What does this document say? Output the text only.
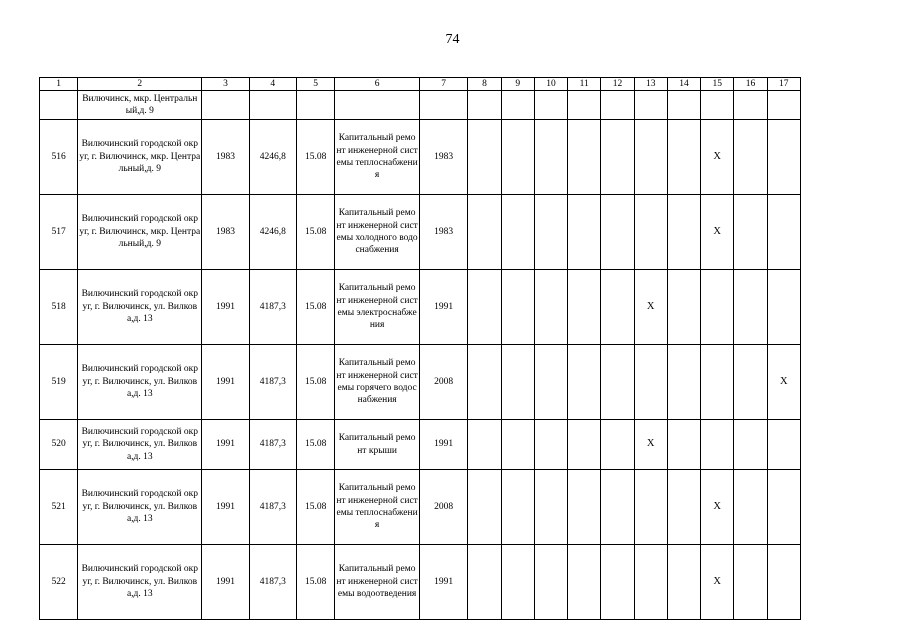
74
1	2	3	4	5	6	7	8	9	10	11	12	13	14	15	16	17
	Вилючинск, мкр. Центральный,д. 9															
516	Вилючинский городской округ, г. Вилючинск, мкр. Центральный,д. 9	1983	4246,8	15.08	Капитальный ремонт инженерной системы теплоснабжения	1983								X		
517	Вилючинский городской округ, г. Вилючинск, мкр. Центральный,д. 9	1983	4246,8	15.08	Капитальный ремонт инженерной системы холодного водоснабжения	1983								X		
518	Вилючинский городской округ, г. Вилючинск, ул. Вилкова,д. 13	1991	4187,3	15.08	Капитальный ремонт инженерной системы электроснабжения	1991						X				
519	Вилючинский городской округ, г. Вилючинск, ул. Вилкова,д. 13	1991	4187,3	15.08	Капитальный ремонт инженерной системы горячего водоснабжения	2008										X
520	Вилючинский городской округ, г. Вилючинск, ул. Вилкова,д. 13	1991	4187,3	15.08	Капитальный ремонт крыши	1991						X				
521	Вилючинский городской округ, г. Вилючинск, ул. Вилкова,д. 13	1991	4187,3	15.08	Капитальный ремонт инженерной системы теплоснабжения	2008								X		
522	Вилючинский городской округ, г. Вилючинск, ул. Вилкова,д. 13	1991	4187,3	15.08	Капитальный ремонт инженерной системы водоотведения	1991								X		
